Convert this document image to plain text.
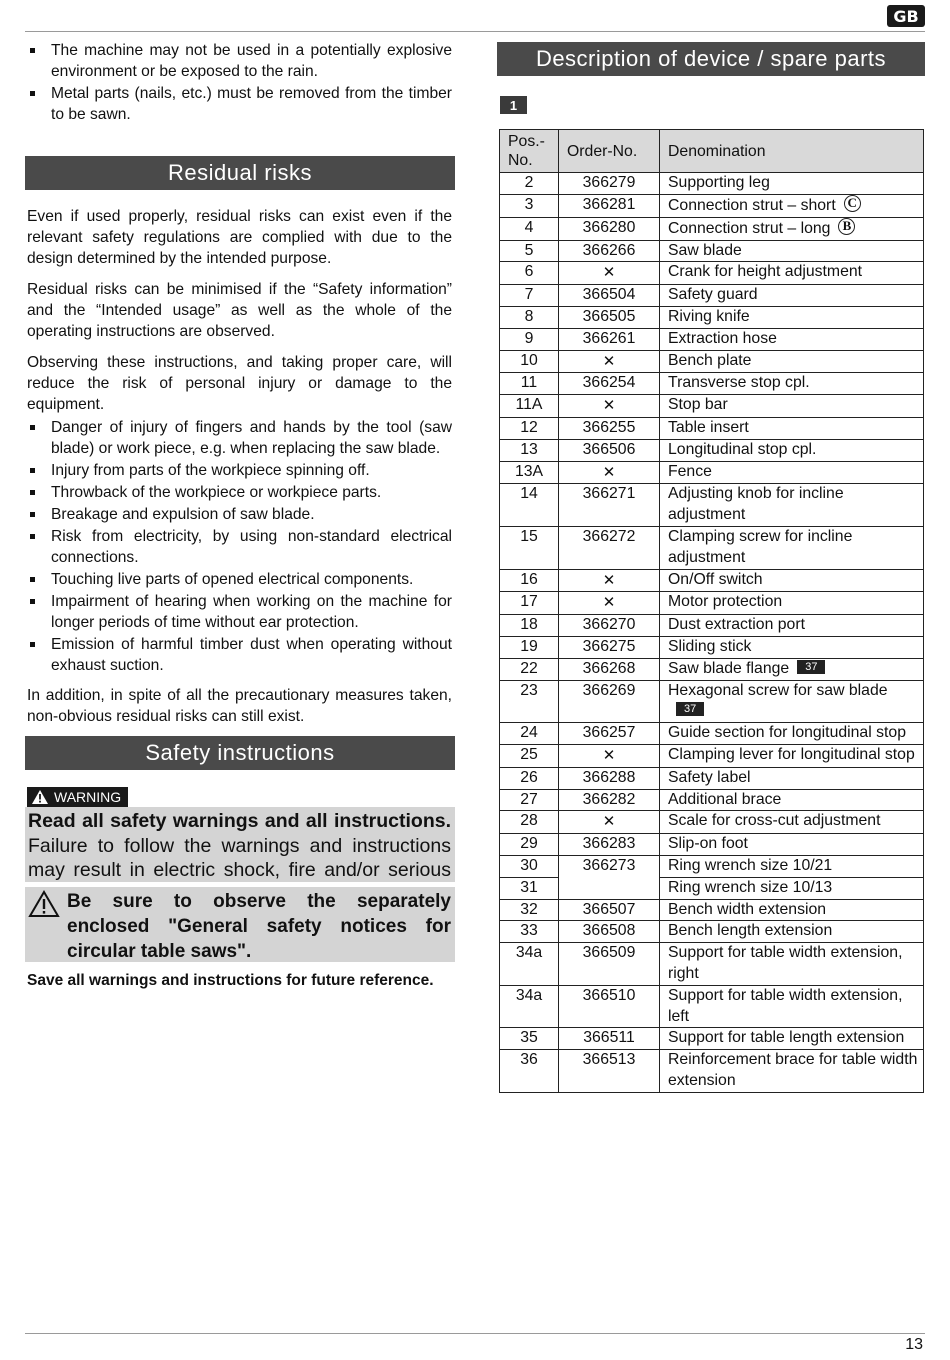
GB
The machine may not be used in a potentially explosive environment or be exposed to the rain.
Metal parts (nails, etc.) must be removed from the timber to be sawn.
Residual risks

Even if used properly, residual risks can exist even if the relevant safety regulations are complied with due to the design determined by the intended purpose.

Residual risks can be minimised if the “Safety information” and the “Intended usage” as well as the whole of the operating instructions are observed.

Observing these instructions, and taking proper care, will reduce the risk of personal injury or damage to the equipment.

Danger of injury of fingers and hands by the tool (saw blade) or work piece, e.g. when replacing the saw blade.
Injury from parts of the workpiece spinning off.
Throwback of the workpiece or workpiece parts.
Breakage and expulsion of saw blade.
Risk from electricity, by using non-standard electrical connections.
Touching live parts of opened electrical components.
Impairment of hearing when working on the machine for longer periods of time without ear protection.
Emission of harmful timber dust when operating without exhaust suction.

In addition, in spite of all the precautionary measures taken, non-obvious residual risks can still exist.

Safety instructions
WARNING
Read all safety warnings and all instructions. Failure to follow the warnings and instructions may result in electric shock, fire and/or serious
Be sure to observe the separately enclosed "General safety notices for circular table saws".
Save all warnings and instructions for future reference.
Description of device / spare parts
1
Pos.- No.	Order-No.	Denomination
2	366279	Supporting leg
3	366281	Connection strut – short C
4	366280	Connection strut – long B
5	366266	Saw blade
6	✕	Crank for height adjustment
7	366504	Safety guard
8	366505	Riving knife
9	366261	Extraction hose
10	✕	Bench plate
11	366254	Transverse stop cpl.
11A	✕	Stop bar
12	366255	Table insert
13	366506	Longitudinal stop cpl.
13A	✕	Fence
14	366271	Adjusting knob for incline adjustment
15	366272	Clamping screw for incline adjustment
16	✕	On/Off switch
17	✕	Motor protection
18	366270	Dust extraction port
19	366275	Sliding stick
22	366268	Saw blade flange 37
23	366269	Hexagonal screw for saw blade37
24	366257	Guide section for longitudinal stop
25	✕	Clamping lever for longitudinal stop
26	366288	Safety label
27	366282	Additional brace
28	✕	Scale for cross-cut adjustment
29	366283	Slip-on foot
30	366273	Ring wrench size 10/21
31		Ring wrench size 10/13
32	366507	Bench width extension
33	366508	Bench length extension
34a	366509	Support for table width extension, right
34a	366510	Support for table width extension, left
35	366511	Support for table length extension
36	366513	Reinforcement brace for table width extension
13
